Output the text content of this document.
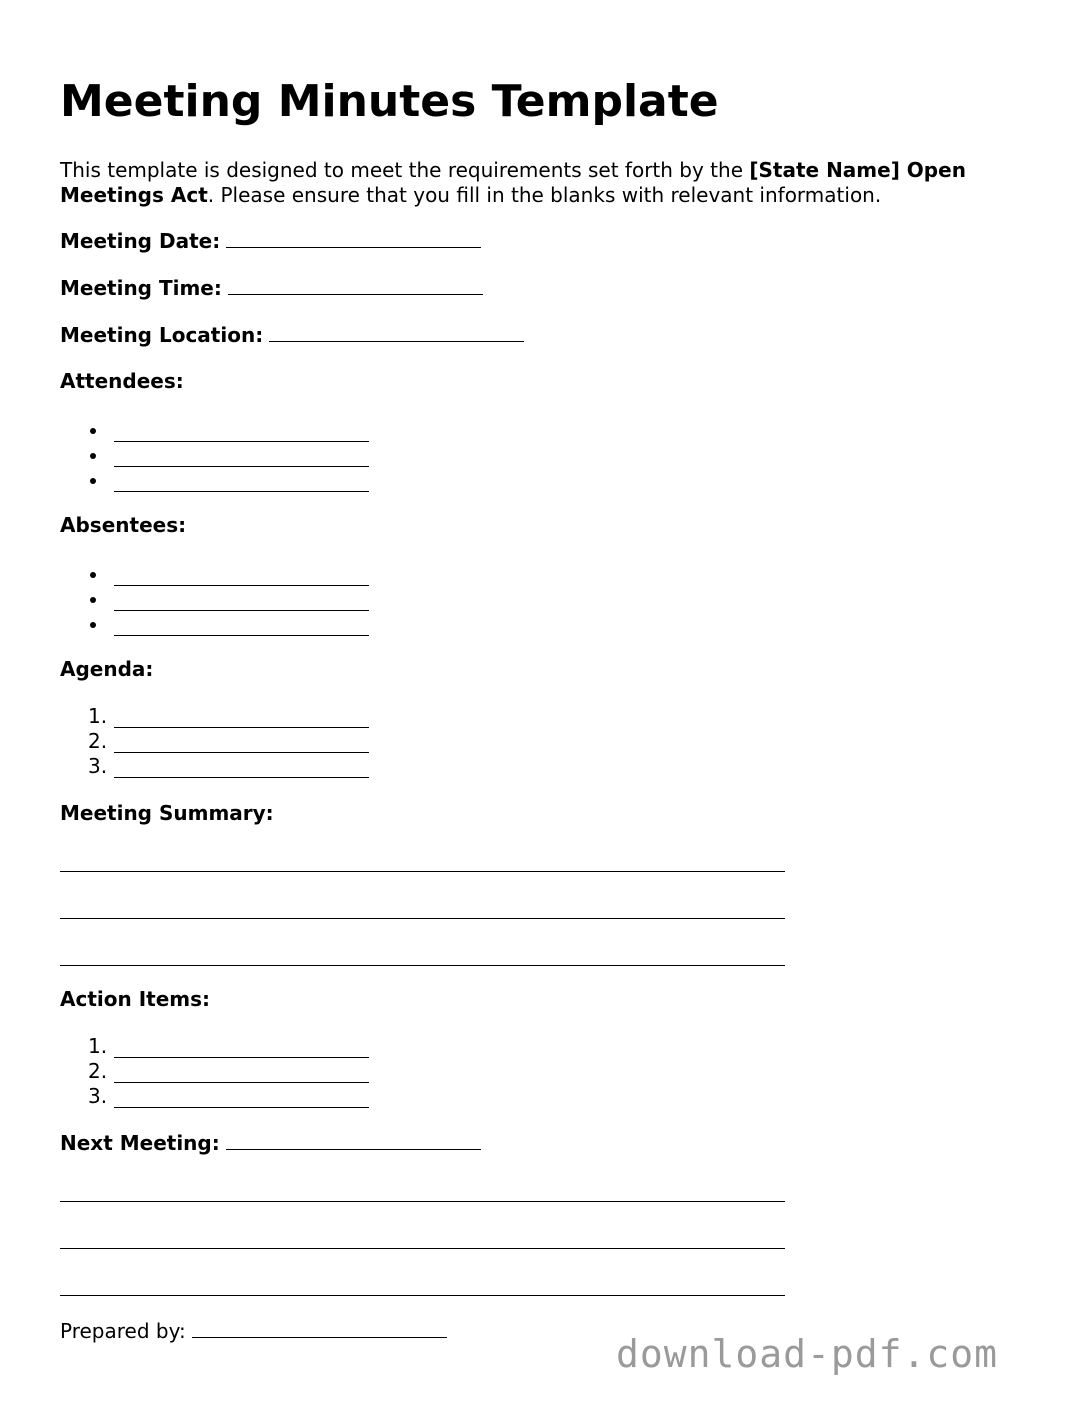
Meeting Minutes Template

This template is designed to meet the requirements set forth by the [State Name] Open Meetings Act. Please ensure that you fill in the blanks with relevant information.

Meeting Date:
Meeting Time:
Meeting Location:
Attendees:
Absentees:
Agenda:
1.
2.
3.
Meeting Summary:
Action Items:
1.
2.
3.
Next Meeting:
Prepared by:
download-pdf.com
